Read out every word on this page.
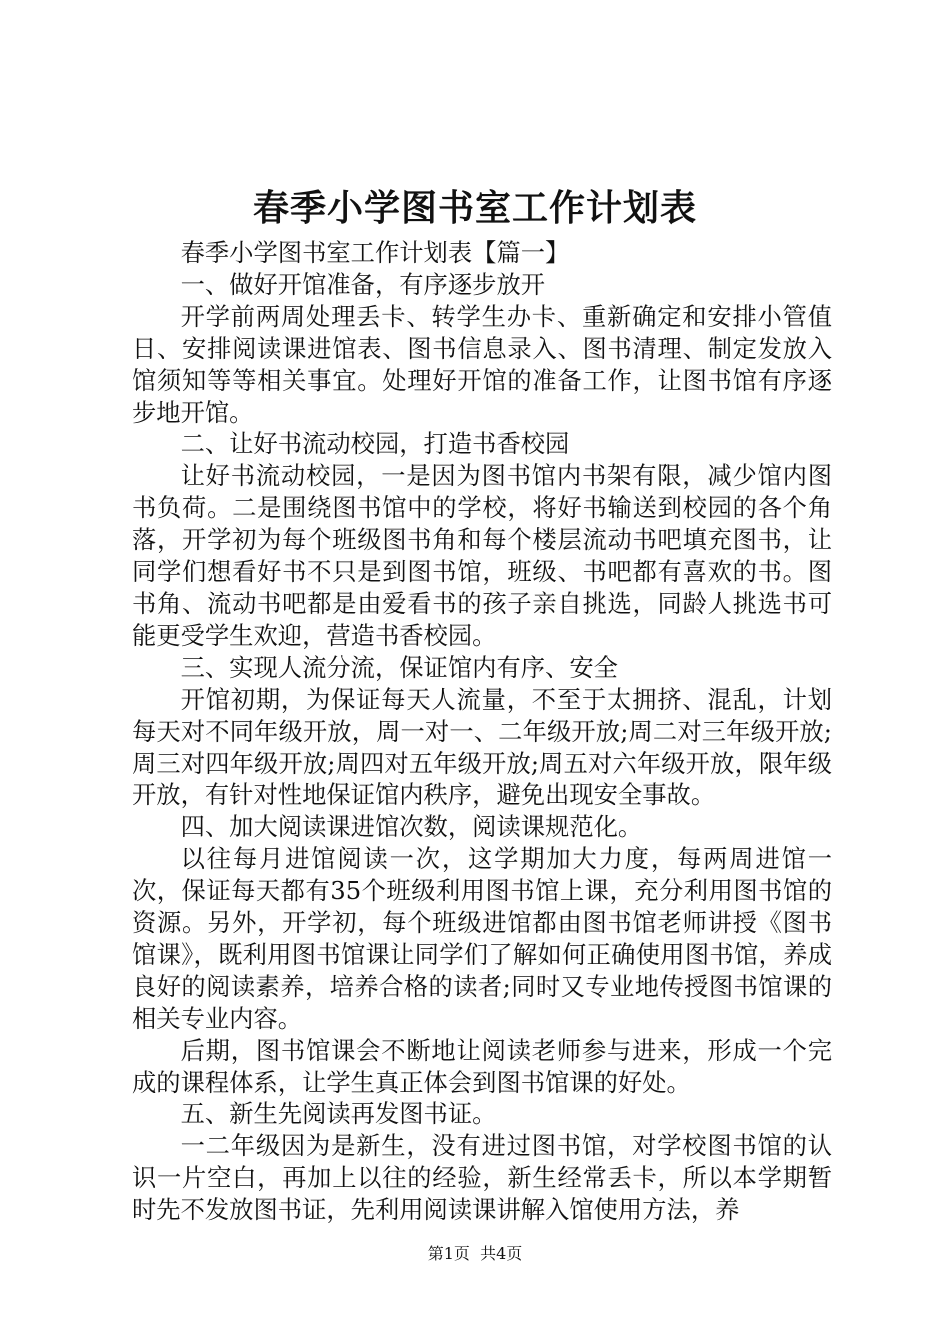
春季小学图书室工作计划表

春季小学图书室工作计划表【篇一】

一、做好开馆准备，有序逐步放开

开学前两周处理丢卡、转学生办卡、重新确定和安排小管值日、安排阅读课进馆表、图书信息录入、图书清理、制定发放入馆须知等等相关事宜。处理好开馆的准备工作，让图书馆有序逐步地开馆。

二、让好书流动校园，打造书香校园

让好书流动校园，一是因为图书馆内书架有限，减少馆内图书负荷。二是围绕图书馆中的学校，将好书输送到校园的各个角落，开学初为每个班级图书角和每个楼层流动书吧填充图书，让同学们想看好书不只是到图书馆，班级、书吧都有喜欢的书。图书角、流动书吧都是由爱看书的孩子亲自挑选，同龄人挑选书可能更受学生欢迎，营造书香校园。

三、实现人流分流，保证馆内有序、安全

开馆初期，为保证每天人流量，不至于太拥挤、混乱，计划每天对不同年级开放，周一对一、二年级开放;周二对三年级开放;周三对四年级开放;周四对五年级开放;周五对六年级开放，限年级开放，有针对性地保证馆内秩序，避免出现安全事故。

四、加大阅读课进馆次数，阅读课规范化。

以往每月进馆阅读一次，这学期加大力度，每两周进馆一次，保证每天都有35个班级利用图书馆上课，充分利用图书馆的资源。另外，开学初，每个班级进馆都由图书馆老师讲授《图书馆课》，既利用图书馆课让同学们了解如何正确使用图书馆，养成良好的阅读素养，培养合格的读者;同时又专业地传授图书馆课的相关专业内容。

后期，图书馆课会不断地让阅读老师参与进来，形成一个完成的课程体系，让学生真正体会到图书馆课的好处。

五、新生先阅读再发图书证。

一二年级因为是新生，没有进过图书馆，对学校图书馆的认识一片空白，再加上以往的经验，新生经常丢卡，所以本学期暂时先不发放图书证，先利用阅读课讲解入馆使用方法，养

第1页 共4页
